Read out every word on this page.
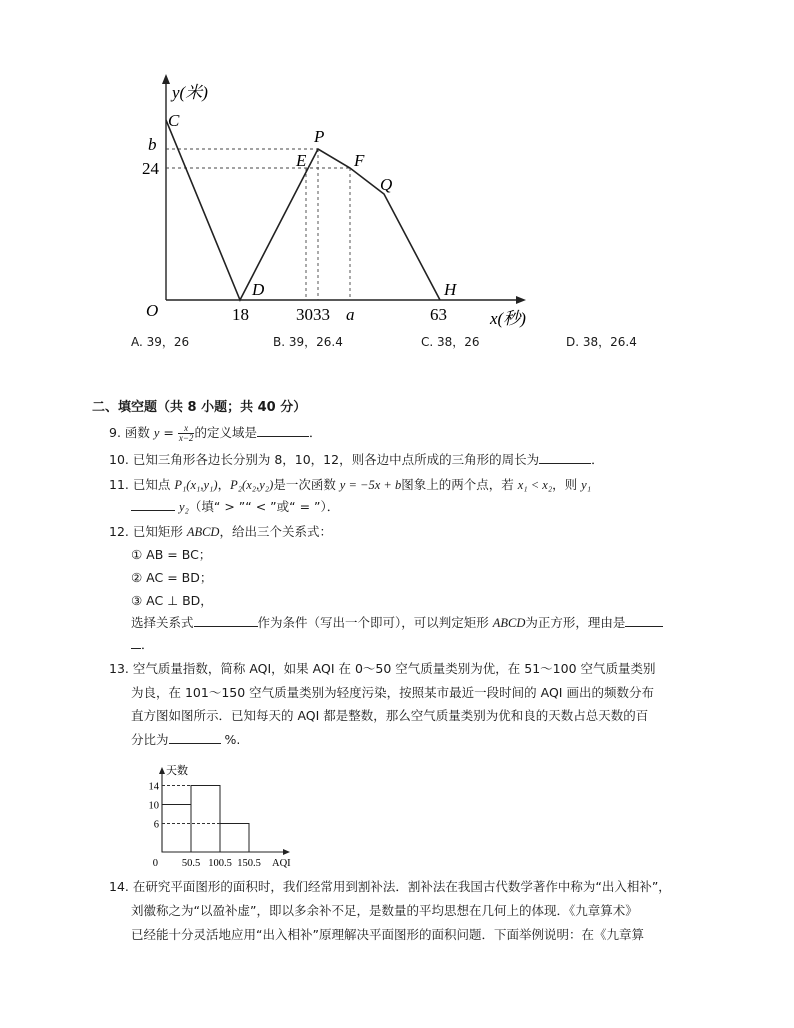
y(米)
x(秒)
O
b
24
18	3033 a	63
C
D
E
P
F
Q
H
A. 39，26	B. 39，26.4	C. 38，26	D. 38，26.4
二、填空题（共 8 小题；共 40 分）
9. 函数 $y = \frac{x}{x-2}$ 的定义域是	．
10. 已知三角形各边长分别为 8，10，12，则各边中点所成的三角形的周长为	．
11. 已知点 P₁(x₁,y₁)，P₂(x₂,y₂)是一次函数 y = −5x + b图象上的两个点，若 x₁ < x₂，则 y₁
y₂（填“ > ”“ < ”或“ = ”）．
12. 已知矩形 ABCD，给出三个关系式：
① AB = BC；
② AC = BD；
③ AC ⊥ BD，
选择关系式	作为条件（写出一个即可），可以判定矩形 ABCD为正方形，理由是
．
13. 空气质量指数，简称 AQI，如果 AQI 在 0～50 空气质量类别为优，在 51～100 空气质量类别
为良，在 101～150 空气质量类别为轻度污染，按照某市最近一段时间的 AQI 画出的频数分布
直方图如图所示．已知每天的 AQI 都是整数，那么空气质量类别为优和良的天数占总天数的百
分比为	%.
天数
AQI
6
10
14
0 50.5 100.5 150.5
14. 在研究平面图形的面积时，我们经常用到割补法．割补法在我国古代数学著作中称为“出入相补”，
刘徽称之为“以盈补虚”，即以多余补不足，是数量的平均思想在几何上的体现．《九章算术》
已经能十分灵活地应用“出入相补”原理解决平面图形的面积问题．下面举例说明：在《九章算
